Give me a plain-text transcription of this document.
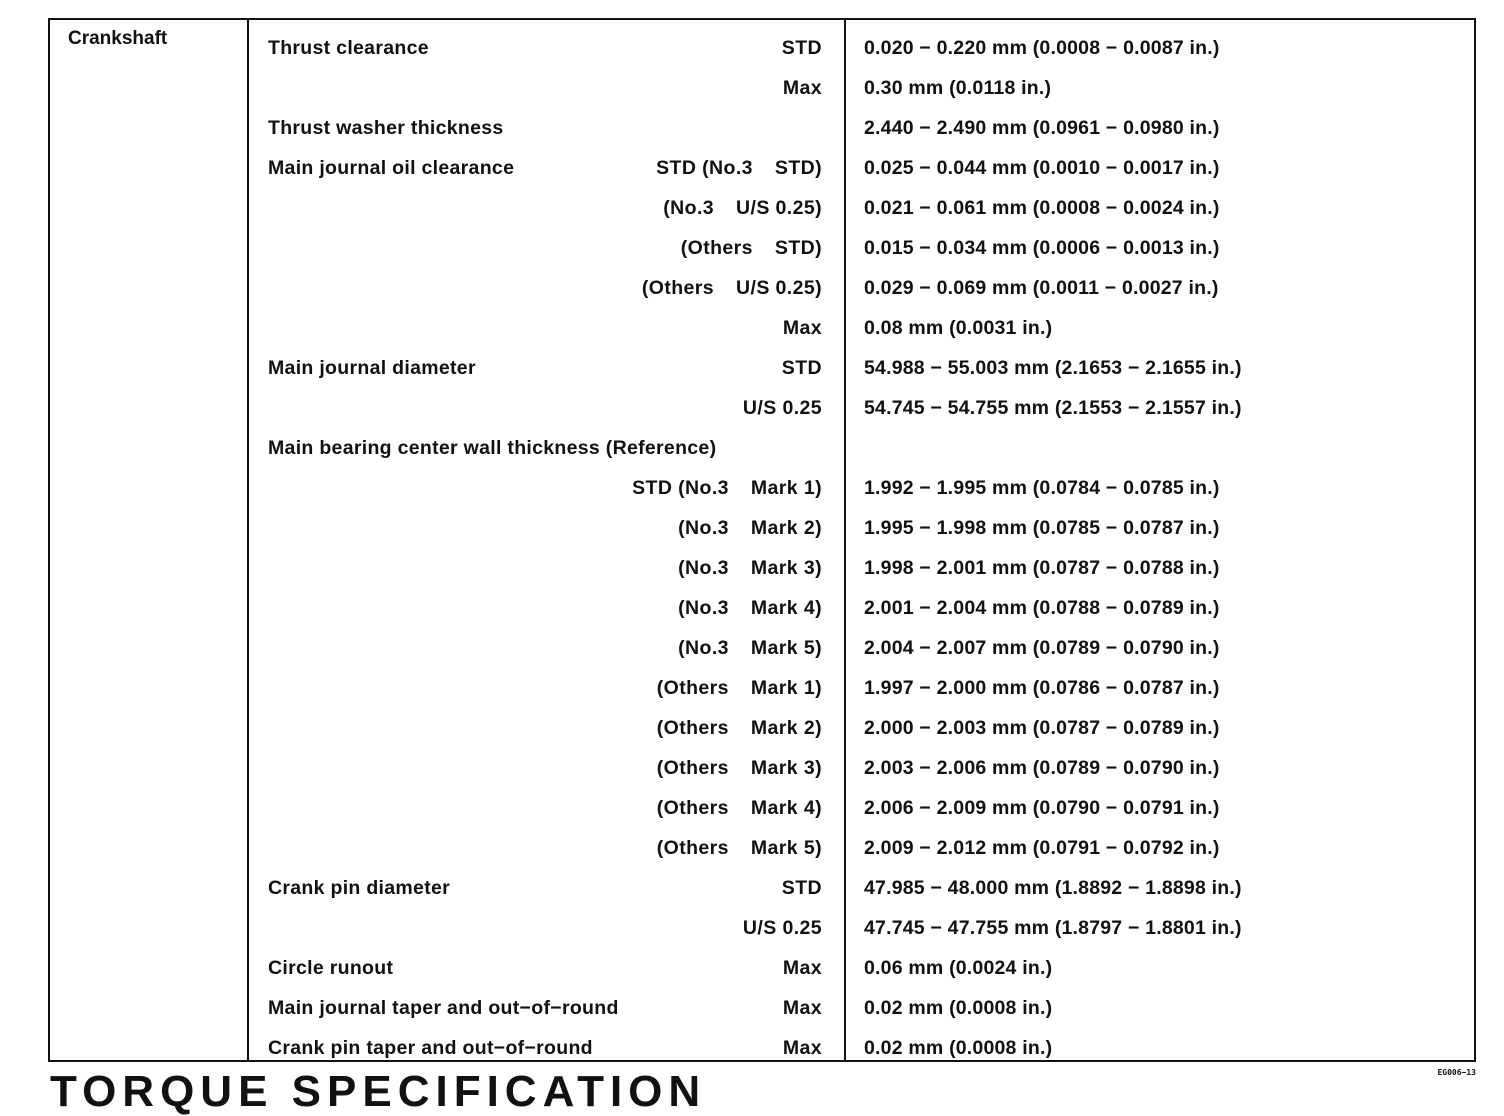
Crankshaft	Thrust clearance	STD 0.020 − 0.220 mm (0.0008 − 0.0087 in.)
Max 0.30 mm (0.0118 in.)
Thrust washer thickness	2.440 − 2.490 mm (0.0961 − 0.0980 in.)
Main journal oil clearance	STD (No.3 STD) 0.025 − 0.044 mm (0.0010 − 0.0017 in.)
(No.3 U/S 0.25) 0.021 − 0.061 mm (0.0008 − 0.0024 in.)
(Others STD) 0.015 − 0.034 mm (0.0006 − 0.0013 in.)
(Others U/S 0.25) 0.029 − 0.069 mm (0.0011 − 0.0027 in.)
Max 0.08 mm (0.0031 in.)
Main journal diameter	STD 54.988 − 55.003 mm (2.1653 − 2.1655 in.)
U/S 0.25 54.745 − 54.755 mm (2.1553 − 2.1557 in.)
Main bearing center wall thickness (Reference)
STD (No.3 Mark 1) 1.992 − 1.995 mm (0.0784 − 0.0785 in.)
(No.3 Mark 2) 1.995 − 1.998 mm (0.0785 − 0.0787 in.)
(No.3 Mark 3) 1.998 − 2.001 mm (0.0787 − 0.0788 in.)
(No.3 Mark 4) 2.001 − 2.004 mm (0.0788 − 0.0789 in.)
(No.3 Mark 5) 2.004 − 2.007 mm (0.0789 − 0.0790 in.)
(Others Mark 1) 1.997 − 2.000 mm (0.0786 − 0.0787 in.)
(Others Mark 2) 2.000 − 2.003 mm (0.0787 − 0.0789 in.)
(Others Mark 3) 2.003 − 2.006 mm (0.0789 − 0.0790 in.)
(Others Mark 4) 2.006 − 2.009 mm (0.0790 − 0.0791 in.)
(Others Mark 5) 2.009 − 2.012 mm (0.0791 − 0.0792 in.)
Crank pin diameter	STD 47.985 − 48.000 mm (1.8892 − 1.8898 in.)
U/S 0.25 47.745 − 47.755 mm (1.8797 − 1.8801 in.)
Circle runout	Max 0.06 mm (0.0024 in.)
Main journal taper and out−of−round	Max 0.02 mm (0.0008 in.)
Crank pin taper and out−of−round	Max 0.02 mm (0.0008 in.)
TORQUE SPECIFICATION	EG006−13
